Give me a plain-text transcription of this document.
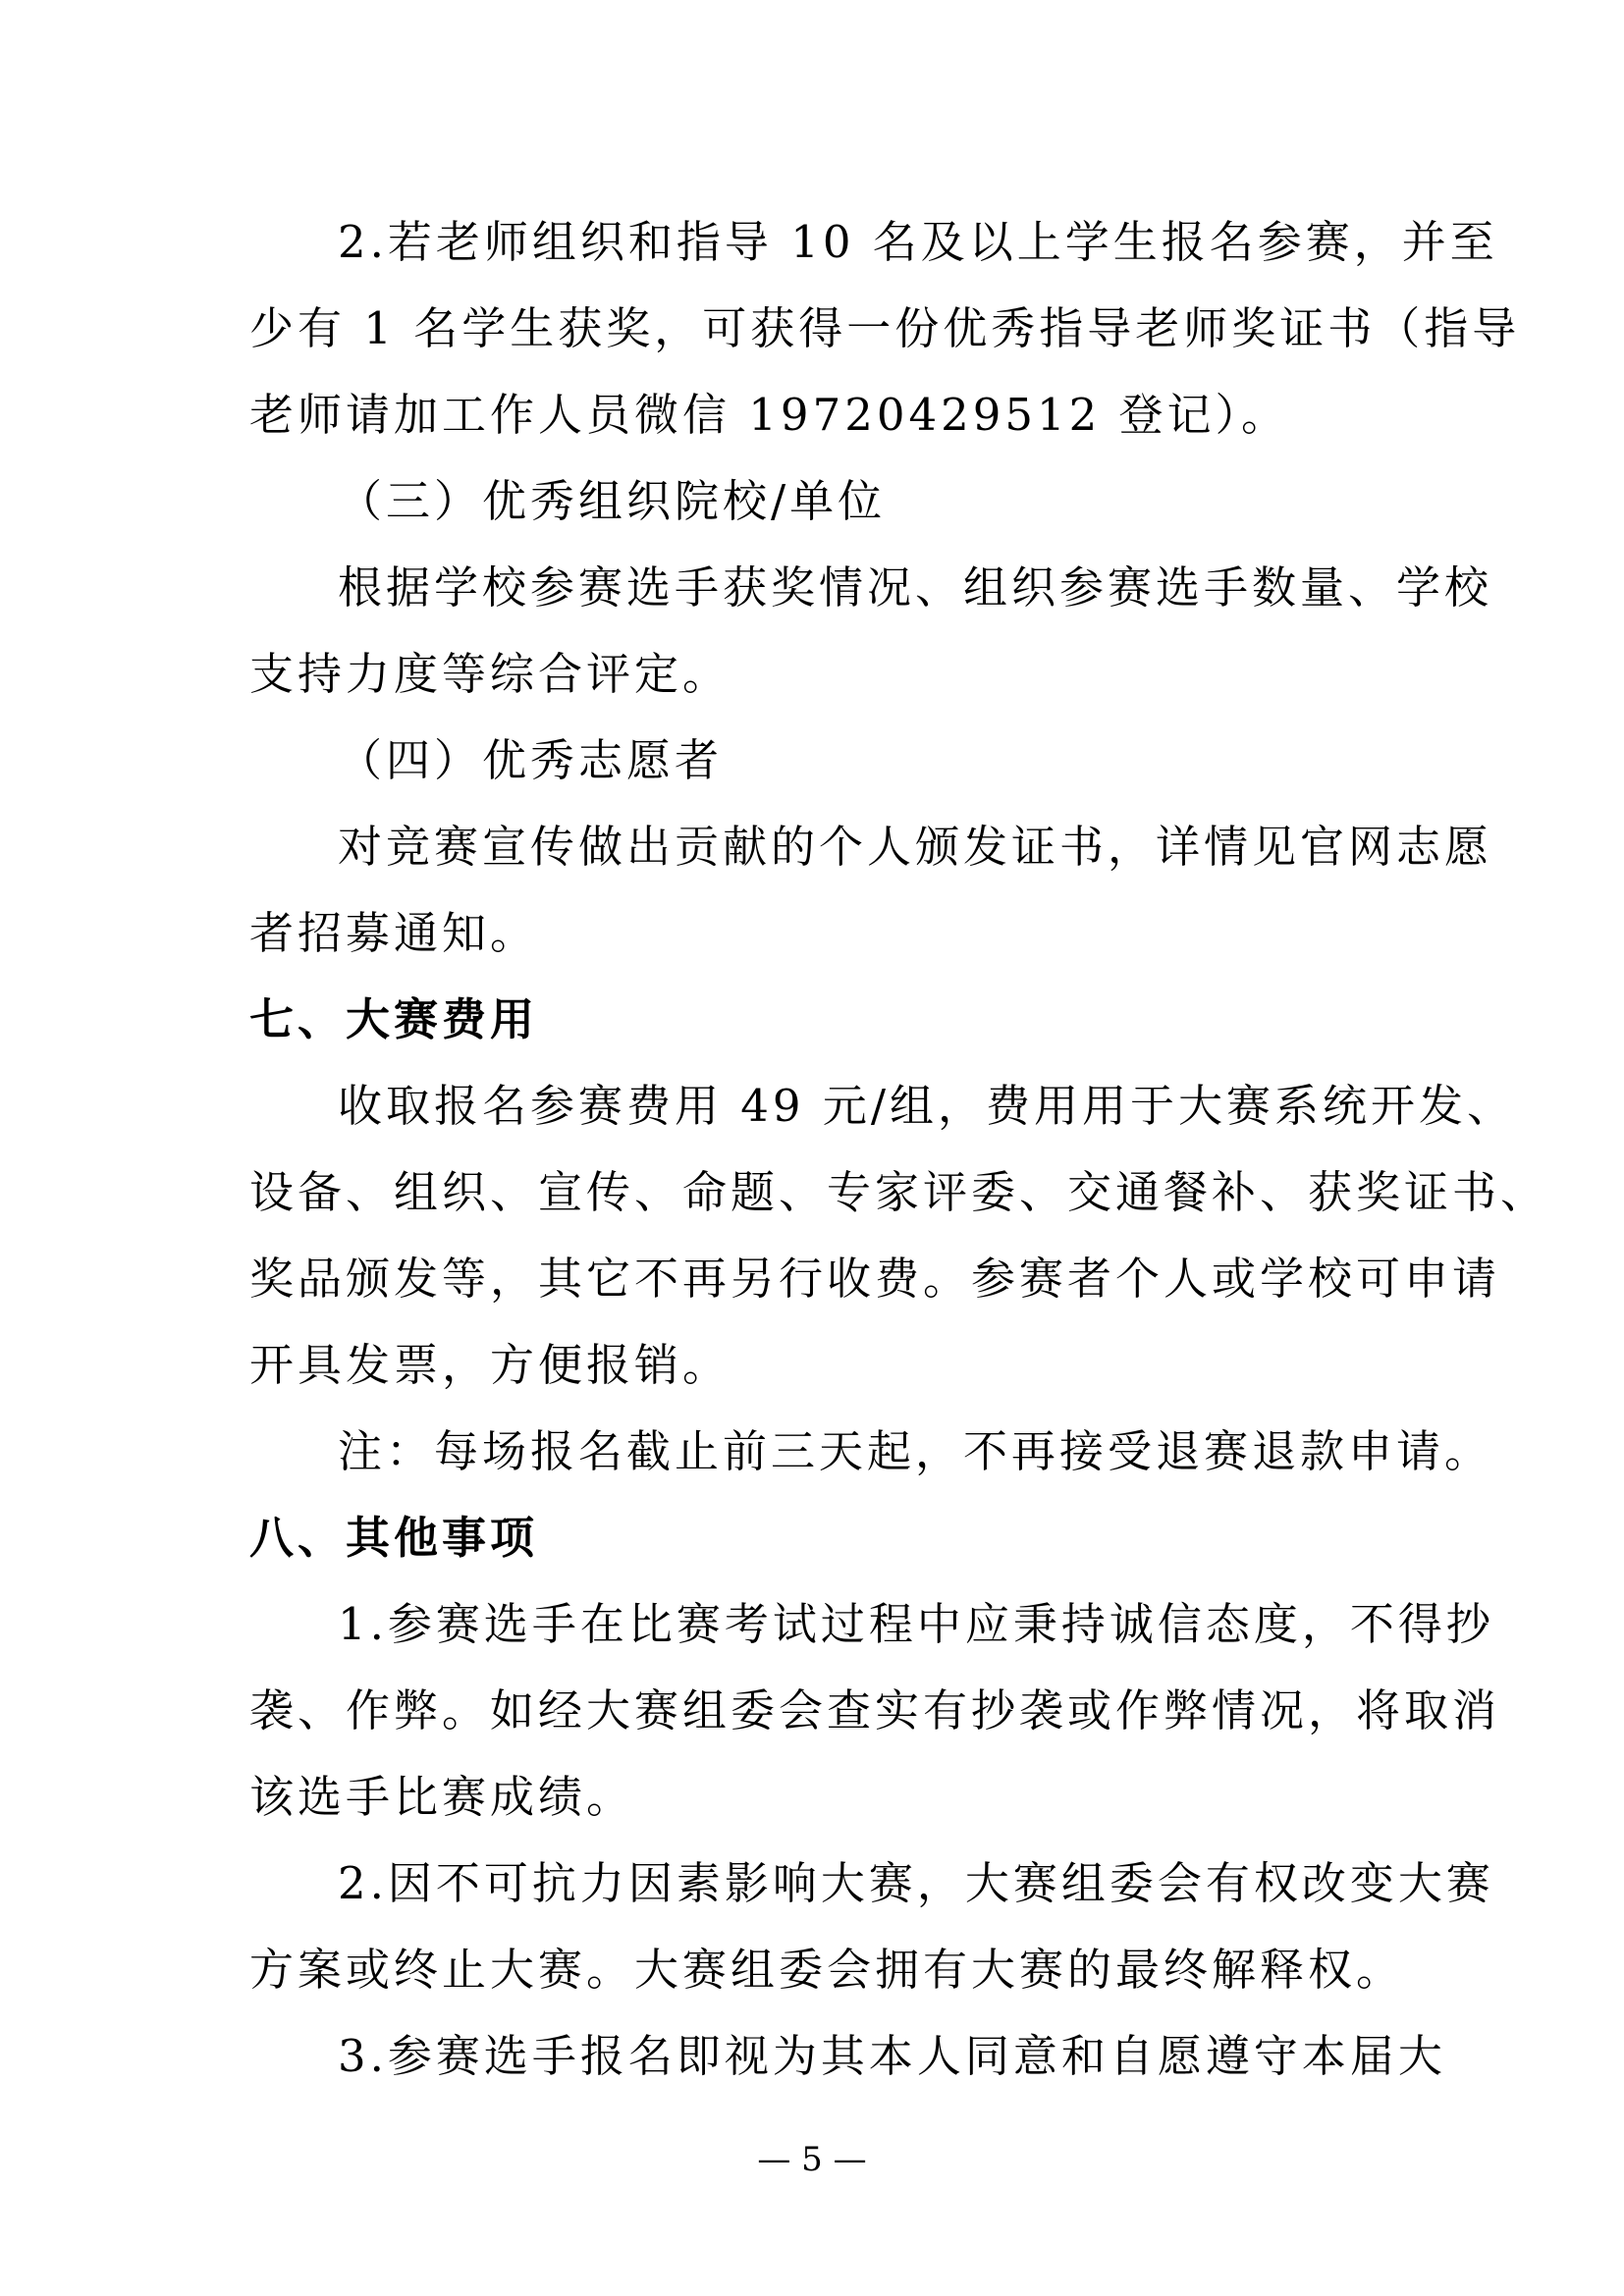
2.若老师组织和指导 10 名及以上学生报名参赛，并至
少有 1 名学生获奖，可获得一份优秀指导老师奖证书（指导
老师请加工作人员微信 19720429512 登记）。
（三）优秀组织院校/单位
根据学校参赛选手获奖情况、组织参赛选手数量、学校
支持力度等综合评定。
（四）优秀志愿者
对竞赛宣传做出贡献的个人颁发证书，详情见官网志愿
者招募通知。
七、大赛费用
收取报名参赛费用 49 元/组，费用用于大赛系统开发、
设备、组织、宣传、命题、专家评委、交通餐补、获奖证书、
奖品颁发等，其它不再另行收费。参赛者个人或学校可申请
开具发票，方便报销。
注：每场报名截止前三天起，不再接受退赛退款申请。
八、其他事项
1.参赛选手在比赛考试过程中应秉持诚信态度，不得抄
袭、作弊。如经大赛组委会查实有抄袭或作弊情况，将取消
该选手比赛成绩。
2.因不可抗力因素影响大赛，大赛组委会有权改变大赛
方案或终止大赛。大赛组委会拥有大赛的最终解释权。
3.参赛选手报名即视为其本人同意和自愿遵守本届大
— 5 —
